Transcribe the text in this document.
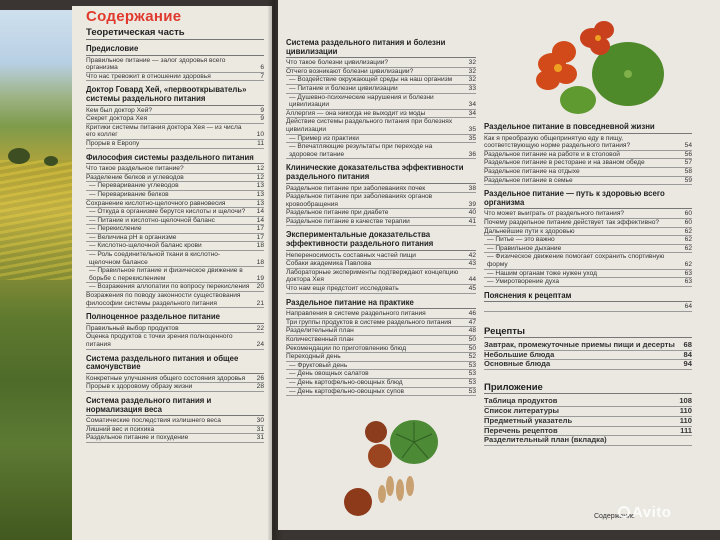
Содержание
Теоретическая часть
Предисловие
Правильное питание — залог здоровья всего организма	6
Что нас тревожит в отношении здоровья	7
Доктор Говард Хей, «первооткрыватель» системы раздельного питания
Кем был доктор Хей?	9
Секрет доктора Хея	9
Критики системы питания доктора Хея — из числа его коллег	10
Прорыв в Европу	11
Философия системы раздельного питания
Что такое раздельное питание?	12
Разделение белков и углеводов	12
— Переваривание углеводов	13
— Переваривание белков	13
Сохранение кислотно-щелочного равновесия	13
— Откуда в организме берутся кислоты и щелочи?	14
— Питание и кислотно-щелочной баланс	14
— Перекисление	17
— Величина рН в организме	17
— Кислотно-щелочной баланс крови	18
— Роль соединительной ткани в кислотно-щелочном балансе	18
— Правильное питание и физическое движение в борьбе с перекислением	19
— Возражения аллопатии по вопросу перекисления	20
Возражения по поводу законности существования философии системы раздельного питания	21
Полноценное раздельное питание
Правильный выбор продуктов	22
Оценка продуктов с точки зрения полноценного питания	24
Система раздельного питания и общее самочувствие
Конкретные улучшения общего состояния здоровья	26
Прорыв к здоровому образу жизни	28
Система раздельного питания и нормализация веса
Соматические последствия излишнего веса	30
Лишний вес и психика	31
Раздельное питание и похудение	31
Система раздельного питания и болезни цивилизации
Что такое болезни цивилизации?	32
Отчего возникают болезни цивилизации?	32
— Воздействие окружающей среды на наш организм	32
— Питание и болезни цивилизации	33
— Душевно-психические нарушения и болезни цивилизации	34
Аллергия — она никогда не выходит из моды	34
Действие системы раздельного питания при болезнях цивилизации	35
— Пример из практики	35
— Впечатляющие результаты при переходе на здоровое питание	36
Клинические доказательства эффективности раздельного питания
Раздельное питание при заболеваниях почек	38
Раздельное питание при заболеваниях органов кровообращения	39
Раздельное питание при диабете	40
Раздельное питание в качестве терапии	41
Экспериментальные доказательства эффективности раздельного питания
Непереносимость составных частей пищи	42
Собаки академика Павлова	43
Лабораторные эксперименты подтверждают концепцию доктора Хея	44
Что нам еще предстоит исследовать	45
Раздельное питание на практике
Направления в системе раздельного питания	46
Три группы продуктов в системе раздельного питания	47
Разделительный план	48
Количественный план	50
Рекомендации по приготовлению блюд	50
Переходный день	52
— Фруктовый день	53
— День овощных салатов	53
— День картофельно-овощных блюд	53
— День картофельно-овощных супов	53
Раздельное питание в повседневной жизни
Как я преобразую общепринятую еду в пищу, соответствующую норме раздельного питания?	54
Раздельное питание на работе и в столовой	56
Раздельное питание в ресторане и на званом обеде	57
Раздельное питание на отдыхе	58
Раздельное питание в семье	59
Раздельное питание — путь к здоровью всего организма
Что может выиграть от раздельного питания?	60
Почему раздельное питание действует так эффективно?	60
Дальнейшие пути к здоровью	62
— Питье — это важно	62
— Правильное дыхание	62
— Физическое движение помогает сохранить спортивную форму	62
— Нашим органам тоже нужен уход	63
— Умиротворение духа	63
Пояснения к рецептам
64
Рецепты
Завтрак, промежуточные приемы пищи и десерты	68
Небольшие блюда	84
Основные блюда	94
Приложение
Таблица продуктов	108
Список литературы	110
Предметный указатель	110
Перечень рецептов	111
Разделительный план (вкладка)
Содержание
Avito
